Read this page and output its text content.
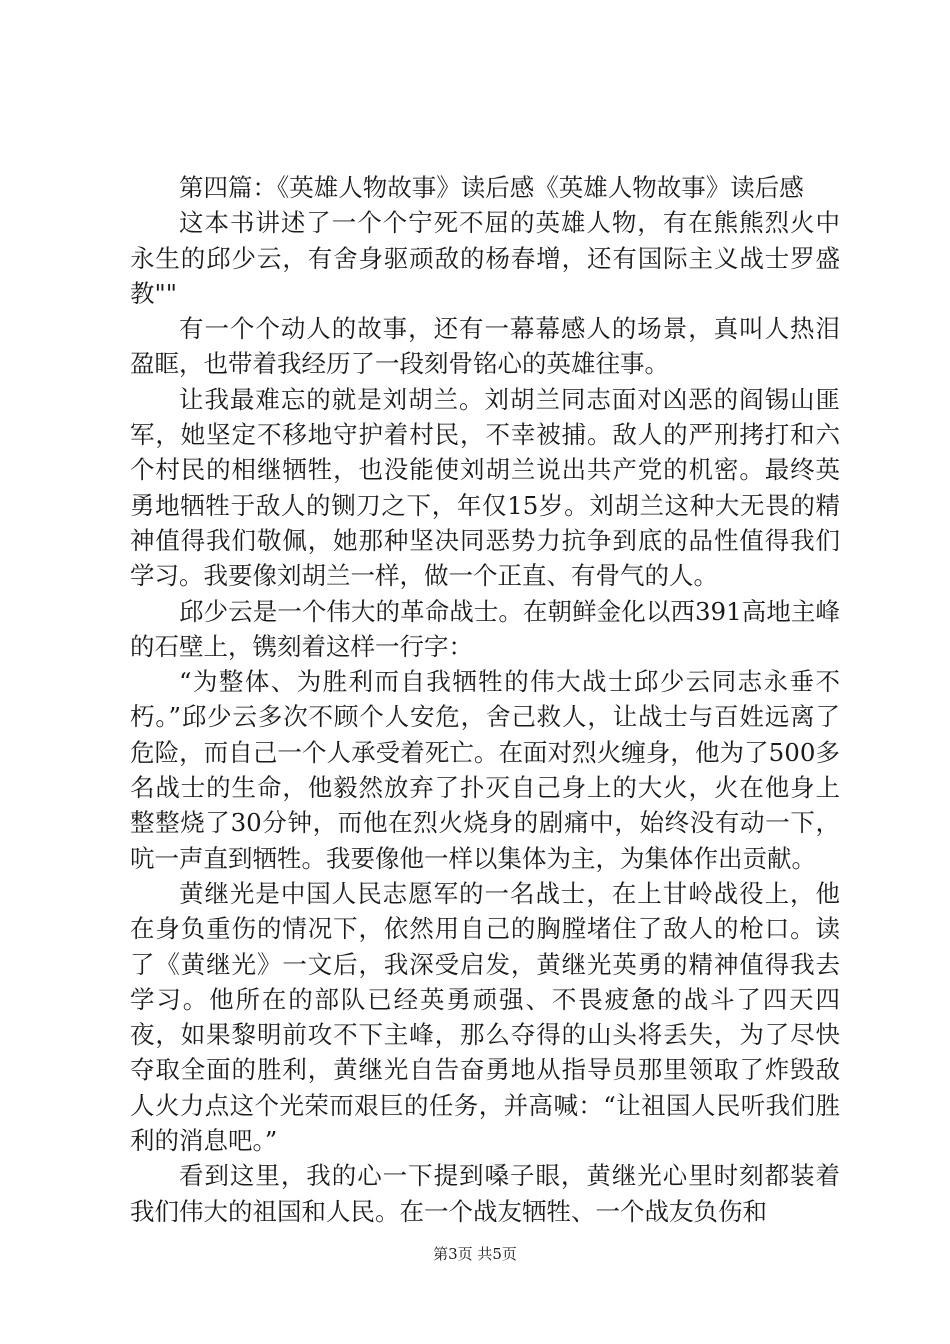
第四篇：《英雄人物故事》读后感《英雄人物故事》读后感

这本书讲述了一个个宁死不屈的英雄人物，有在熊熊烈火中永生的邱少云，有舍身驱顽敌的杨春增，还有国际主义战士罗盛教""

有一个个动人的故事，还有一幕幕感人的场景，真叫人热泪盈眶，也带着我经历了一段刻骨铭心的英雄往事。

让我最难忘的就是刘胡兰。刘胡兰同志面对凶恶的阎锡山匪军，她坚定不移地守护着村民，不幸被捕。敌人的严刑拷打和六个村民的相继牺牲，也没能使刘胡兰说出共产党的机密。最终英勇地牺牲于敌人的铡刀之下，年仅15岁。刘胡兰这种大无畏的精神值得我们敬佩，她那种坚决同恶势力抗争到底的品性值得我们学习。我要像刘胡兰一样，做一个正直、有骨气的人。

邱少云是一个伟大的革命战士。在朝鲜金化以西391高地主峰的石壁上，镌刻着这样一行字：

“为整体、为胜利而自我牺牲的伟大战士邱少云同志永垂不朽。”邱少云多次不顾个人安危，舍己救人，让战士与百姓远离了危险，而自己一个人承受着死亡。在面对烈火缠身，他为了500多名战士的生命，他毅然放弃了扑灭自己身上的大火，火在他身上整整烧了30分钟，而他在烈火烧身的剧痛中，始终没有动一下，吭一声直到牺牲。我要像他一样以集体为主，为集体作出贡献。

黄继光是中国人民志愿军的一名战士，在上甘岭战役上，他在身负重伤的情况下，依然用自己的胸膛堵住了敌人的枪口。读了《黄继光》一文后，我深受启发，黄继光英勇的精神值得我去学习。他所在的部队已经英勇顽强、不畏疲惫的战斗了四天四夜，如果黎明前攻不下主峰，那么夺得的山头将丢失，为了尽快夺取全面的胜利，黄继光自告奋勇地从指导员那里领取了炸毁敌人火力点这个光荣而艰巨的任务，并高喊：“让祖国人民听我们胜利的消息吧。”

看到这里，我的心一下提到嗓子眼，黄继光心里时刻都装着我们伟大的祖国和人民。在一个战友牺牲、一个战友负伤和

第3页 共5页
